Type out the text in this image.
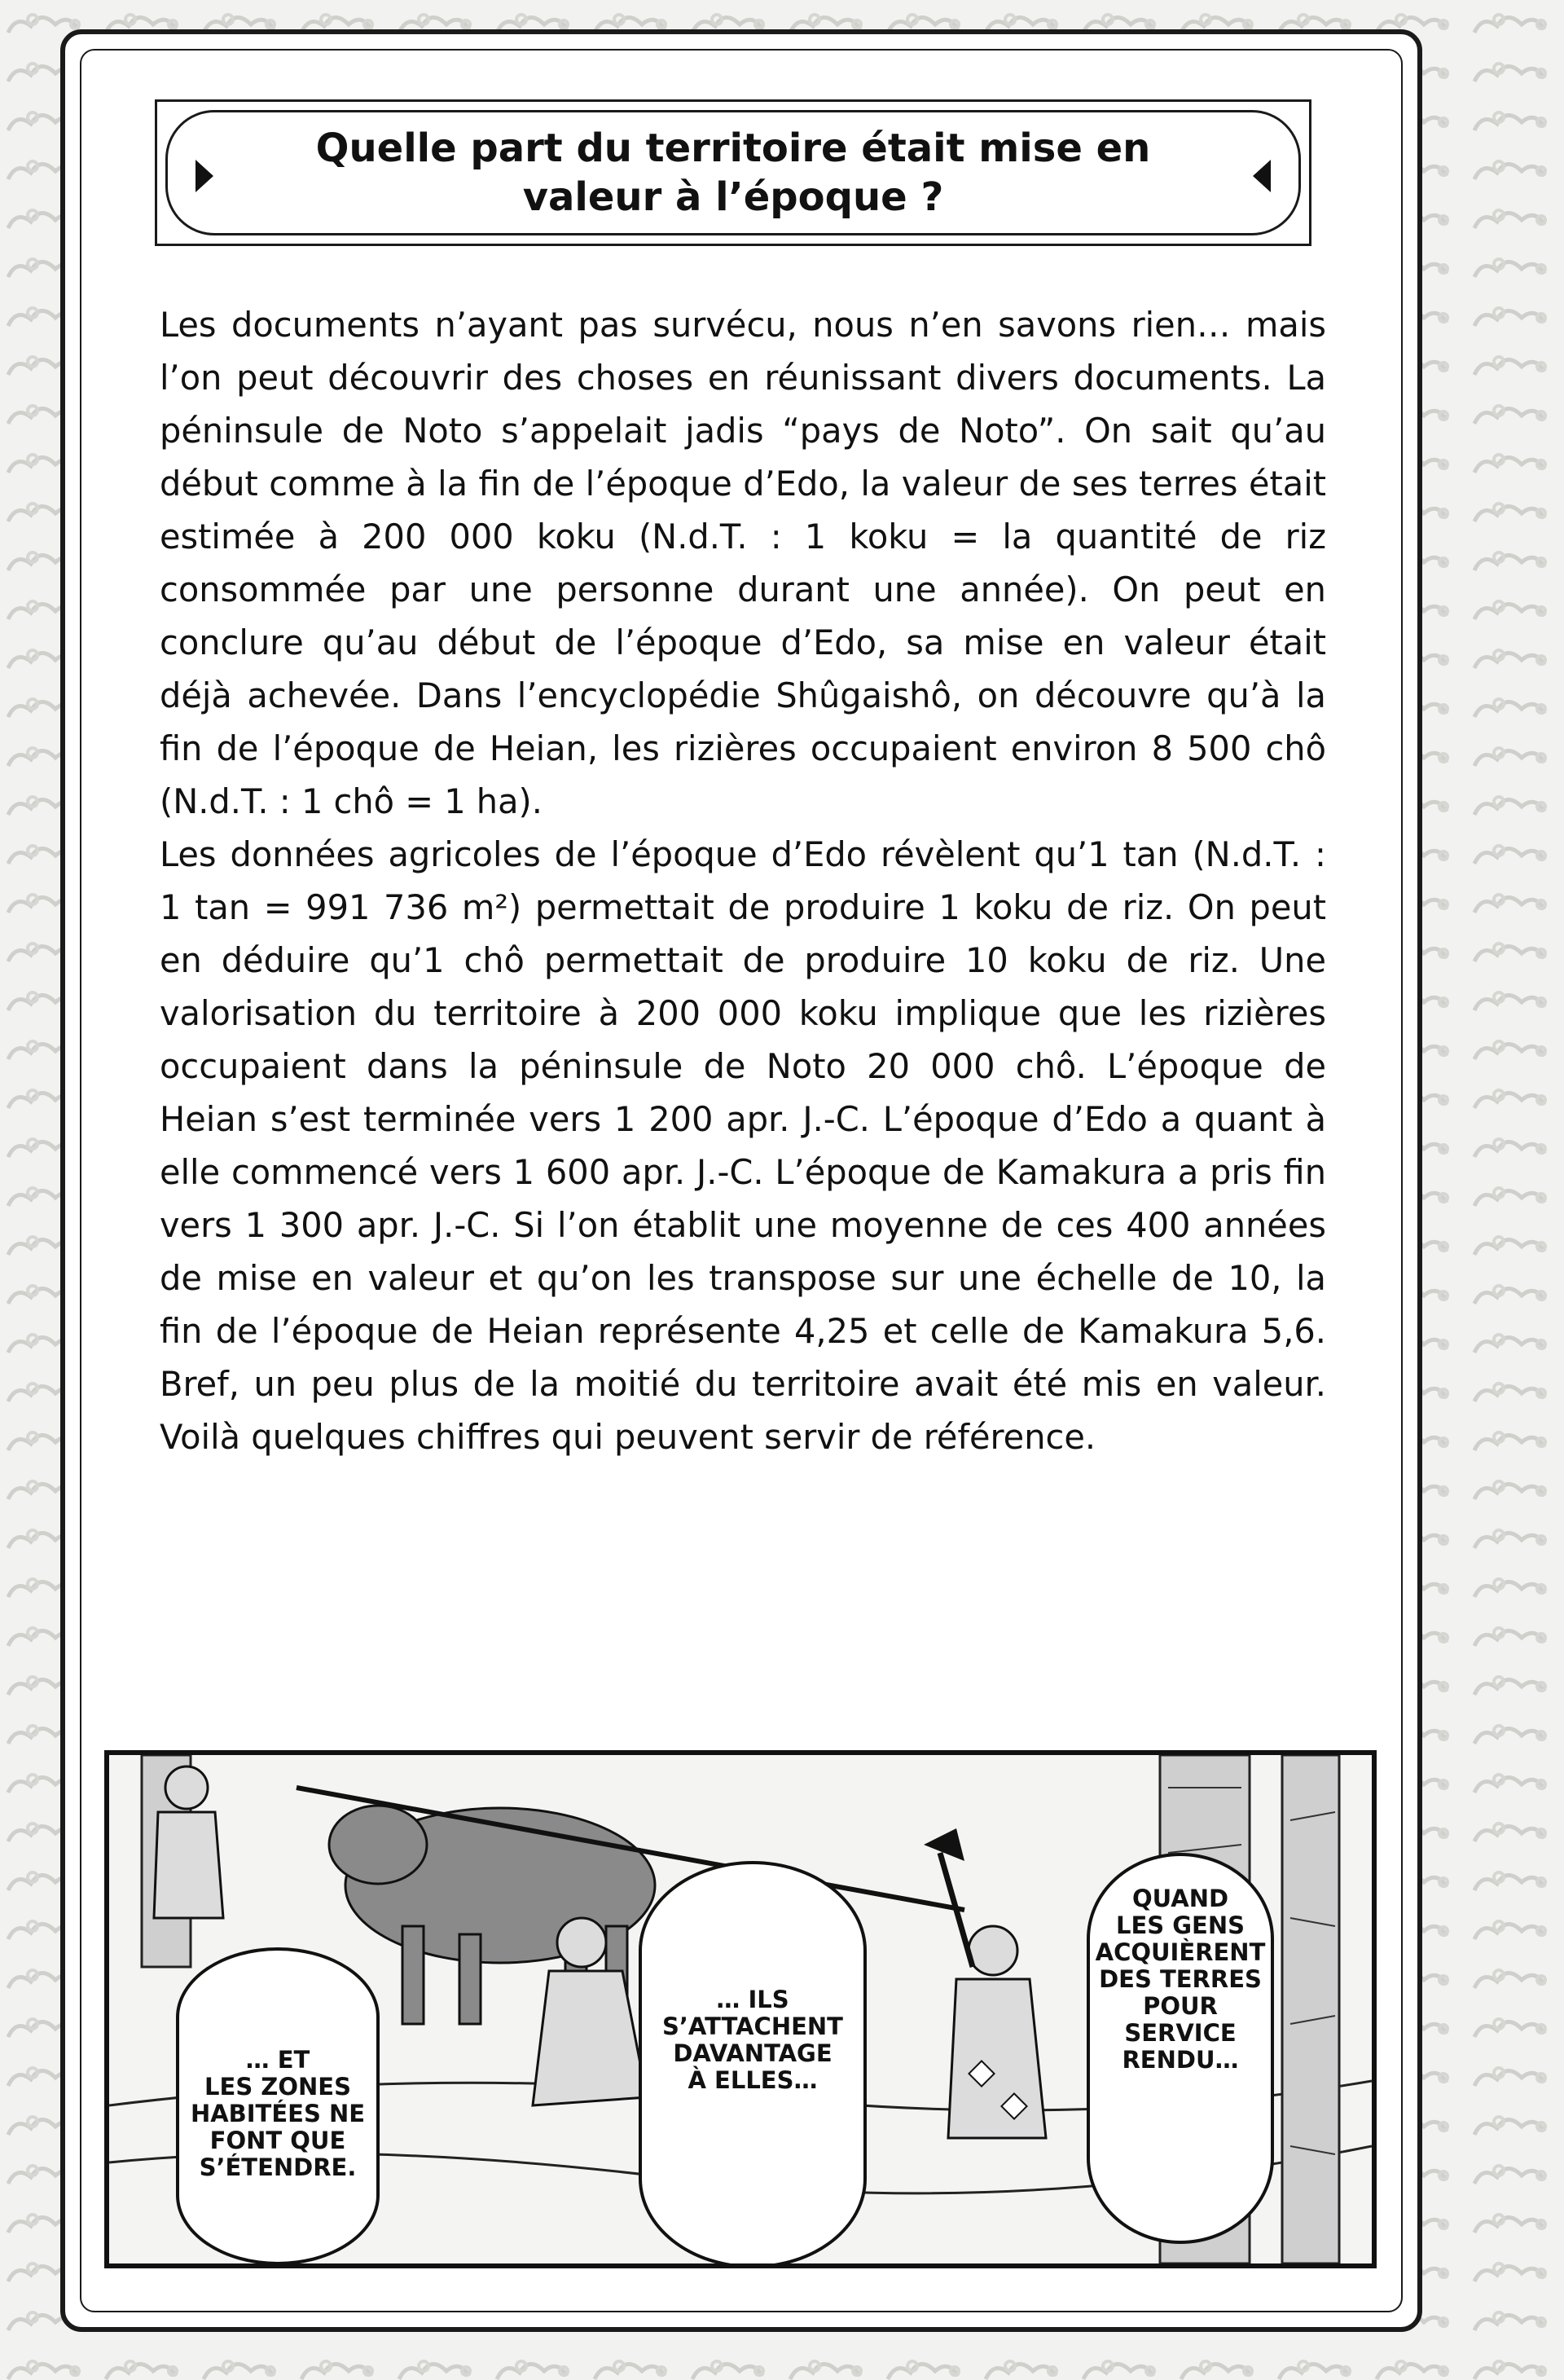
Quelle part du territoire était mise en valeur à l’époque ?

Les documents n’ayant pas survécu, nous n’en savons rien… mais l’on peut découvrir des choses en réunissant divers documents. La péninsule de Noto s’appelait jadis “pays de Noto”. On sait qu’au début comme à la fin de l’époque d’Edo, la valeur de ses terres était estimée à 200 000 koku (N.d.T. : 1 koku = la quantité de riz consommée par une personne durant une année). On peut en conclure qu’au début de l’époque d’Edo, sa mise en valeur était déjà achevée. Dans l’encyclopédie Shûgaishô, on découvre qu’à la fin de l’époque de Heian, les rizières occupaient environ 8 500 chô (N.d.T. : 1 chô = 1 ha).

Les données agricoles de l’époque d’Edo révèlent qu’1 tan (N.d.T. : 1 tan = 991 736 m²) permettait de produire 1 koku de riz. On peut en déduire qu’1 chô permettait de produire 10 koku de riz. Une valorisation du territoire à 200 000 koku implique que les rizières occupaient dans la péninsule de Noto 20 000 chô. L’époque de Heian s’est terminée vers 1 200 apr. J.-C. L’époque d’Edo a quant à elle commencé vers 1 600 apr. J.-C. L’époque de Kamakura a pris fin vers 1 300 apr. J.-C. Si l’on établit une moyenne de ces 400 années de mise en valeur et qu’on les transpose sur une échelle de 10, la fin de l’époque de Heian représente 4,25 et celle de Kamakura 5,6. Bref, un peu plus de la moitié du territoire avait été mis en valeur. Voilà quelques chiffres qui peuvent servir de référence.

… ET
LES ZONES
HABITÉES NE
FONT QUE
S’ÉTENDRE.
… ILS
S’ATTACHENT
DAVANTAGE
À ELLES…
QUAND
LES GENS
ACQUIÈRENT
DES TERRES
POUR
SERVICE
RENDU…
